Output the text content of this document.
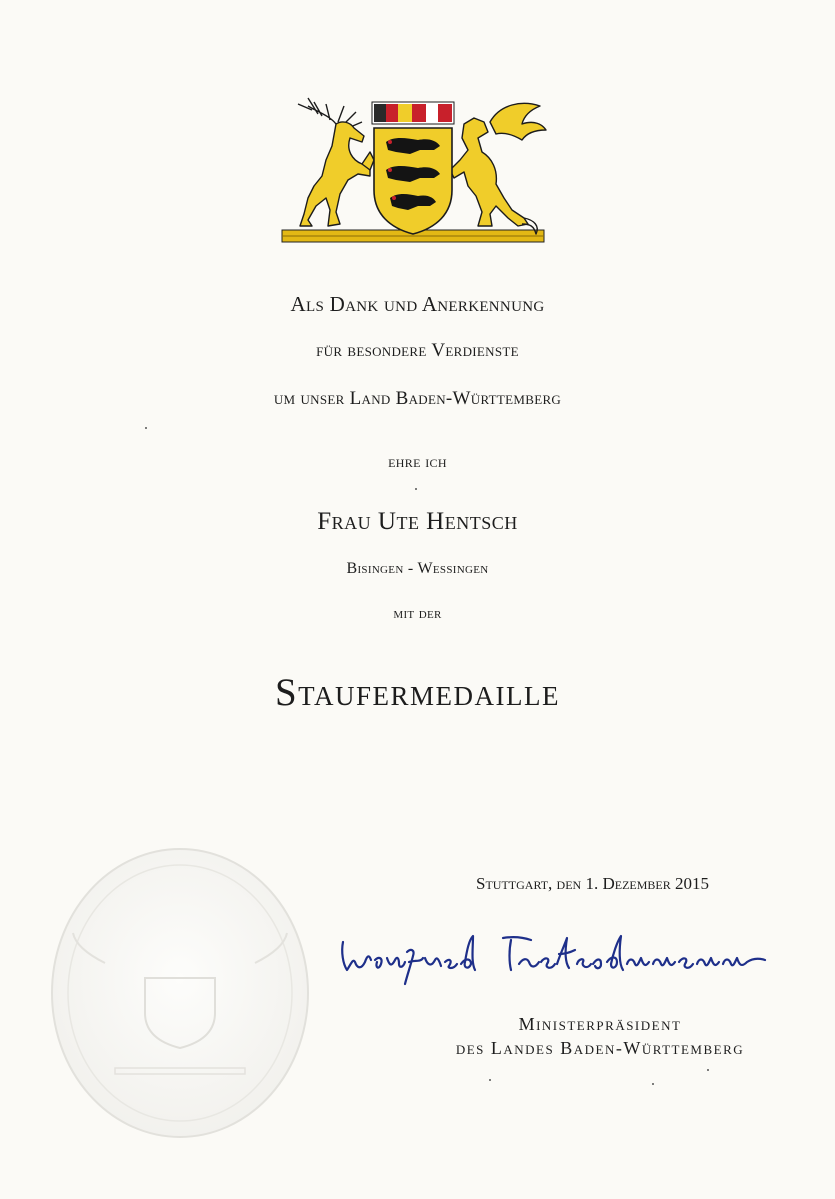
Als Dank und Anerkennung
für besondere Verdienste
um unser Land Baden-Württemberg
ehre ich
Frau Ute Hentsch
Bisingen - Wessingen
mit der
Staufermedaille
Stuttgart, den 1. Dezember 2015
Ministerpräsident
des Landes Baden-Württemberg
